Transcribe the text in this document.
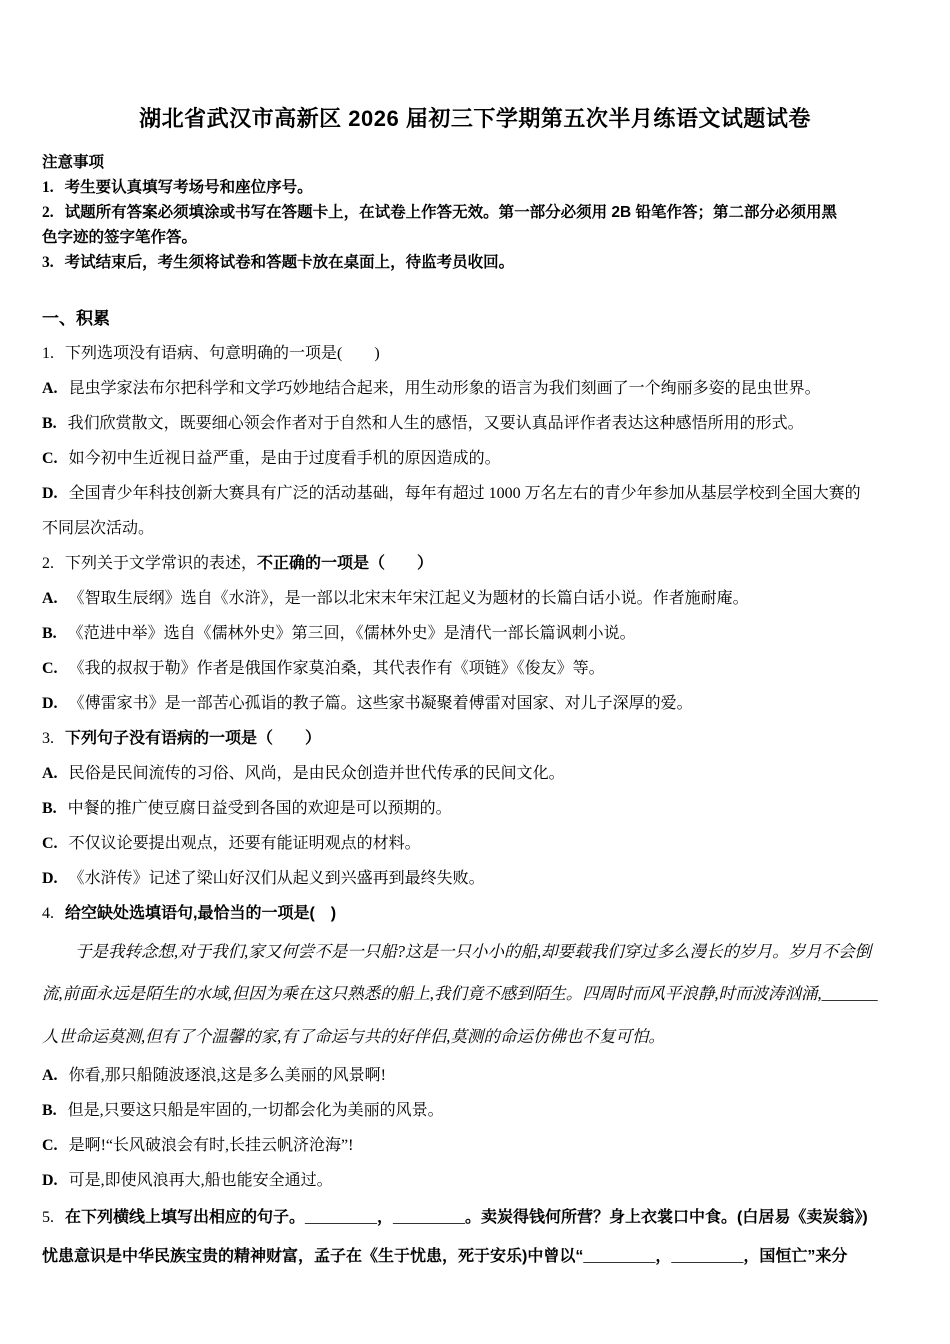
湖北省武汉市高新区 2026 届初三下学期第五次半月练语文试题试卷
注意事项
1. 考生要认真填写考场号和座位序号。
2. 试题所有答案必须填涂或书写在答题卡上，在试卷上作答无效。第一部分必须用 2B 铅笔作答；第二部分必须用黑
色字迹的签字笔作答。
3. 考试结束后，考生须将试卷和答题卡放在桌面上，待监考员收回。
一、积累
1. 下列选项没有语病、句意明确的一项是(　　)
A. 昆虫学家法布尔把科学和文学巧妙地结合起来，用生动形象的语言为我们刻画了一个绚丽多姿的昆虫世界。
B. 我们欣赏散文，既要细心领会作者对于自然和人生的感悟，又要认真品评作者表达这种感悟所用的形式。
C. 如今初中生近视日益严重，是由于过度看手机的原因造成的。
D. 全国青少年科技创新大赛具有广泛的活动基础，每年有超过 1000 万名左右的青少年参加从基层学校到全国大赛的
不同层次活动。
2. 下列关于文学常识的表述，不正确的一项是（　　）
A. 《智取生辰纲》选自《水浒》，是一部以北宋末年宋江起义为题材的长篇白话小说。作者施耐庵。
B. 《范进中举》选自《儒林外史》第三回，《儒林外史》是清代一部长篇讽刺小说。
C. 《我的叔叔于勒》作者是俄国作家莫泊桑，其代表作有《项链》《俊友》等。
D. 《傅雷家书》是一部苦心孤诣的教子篇。这些家书凝聚着傅雷对国家、对儿子深厚的爱。
3. 下列句子没有语病的一项是（　　）
A. 民俗是民间流传的习俗、风尚，是由民众创造并世代传承的民间文化。
B. 中餐的推广使豆腐日益受到各国的欢迎是可以预期的。
C. 不仅议论要提出观点，还要有能证明观点的材料。
D. 《水浒传》记述了梁山好汉们从起义到兴盛再到最终失败。
4. 给空缺处选填语句,最恰当的一项是(　)
于是我转念想,对于我们,家又何尝不是一只船?这是一只小小的船,却要载我们穿过多么漫长的岁月。岁月不会倒
流,前面永远是陌生的水域,但因为乘在这只熟悉的船上,我们竟不感到陌生。四周时而风平浪静,时而波涛汹涌,_______
人世命运莫测,但有了个温馨的家,有了命运与共的好伴侣,莫测的命运仿佛也不复可怕。
A. 你看,那只船随波逐浪,这是多么美丽的风景啊!
B. 但是,只要这只船是牢固的,一切都会化为美丽的风景。
C. 是啊!“长风破浪会有时,长挂云帆济沧海”!
D. 可是,即使风浪再大,船也能安全通过。
5. 在下列横线上填写出相应的句子。_________，_________。卖炭得钱何所营？身上衣裳口中食。(白居易《卖炭翁》)
忧患意识是中华民族宝贵的精神财富，孟子在《生于忧患，死于安乐)中曾以“_________，_________，国恒亡”来分
